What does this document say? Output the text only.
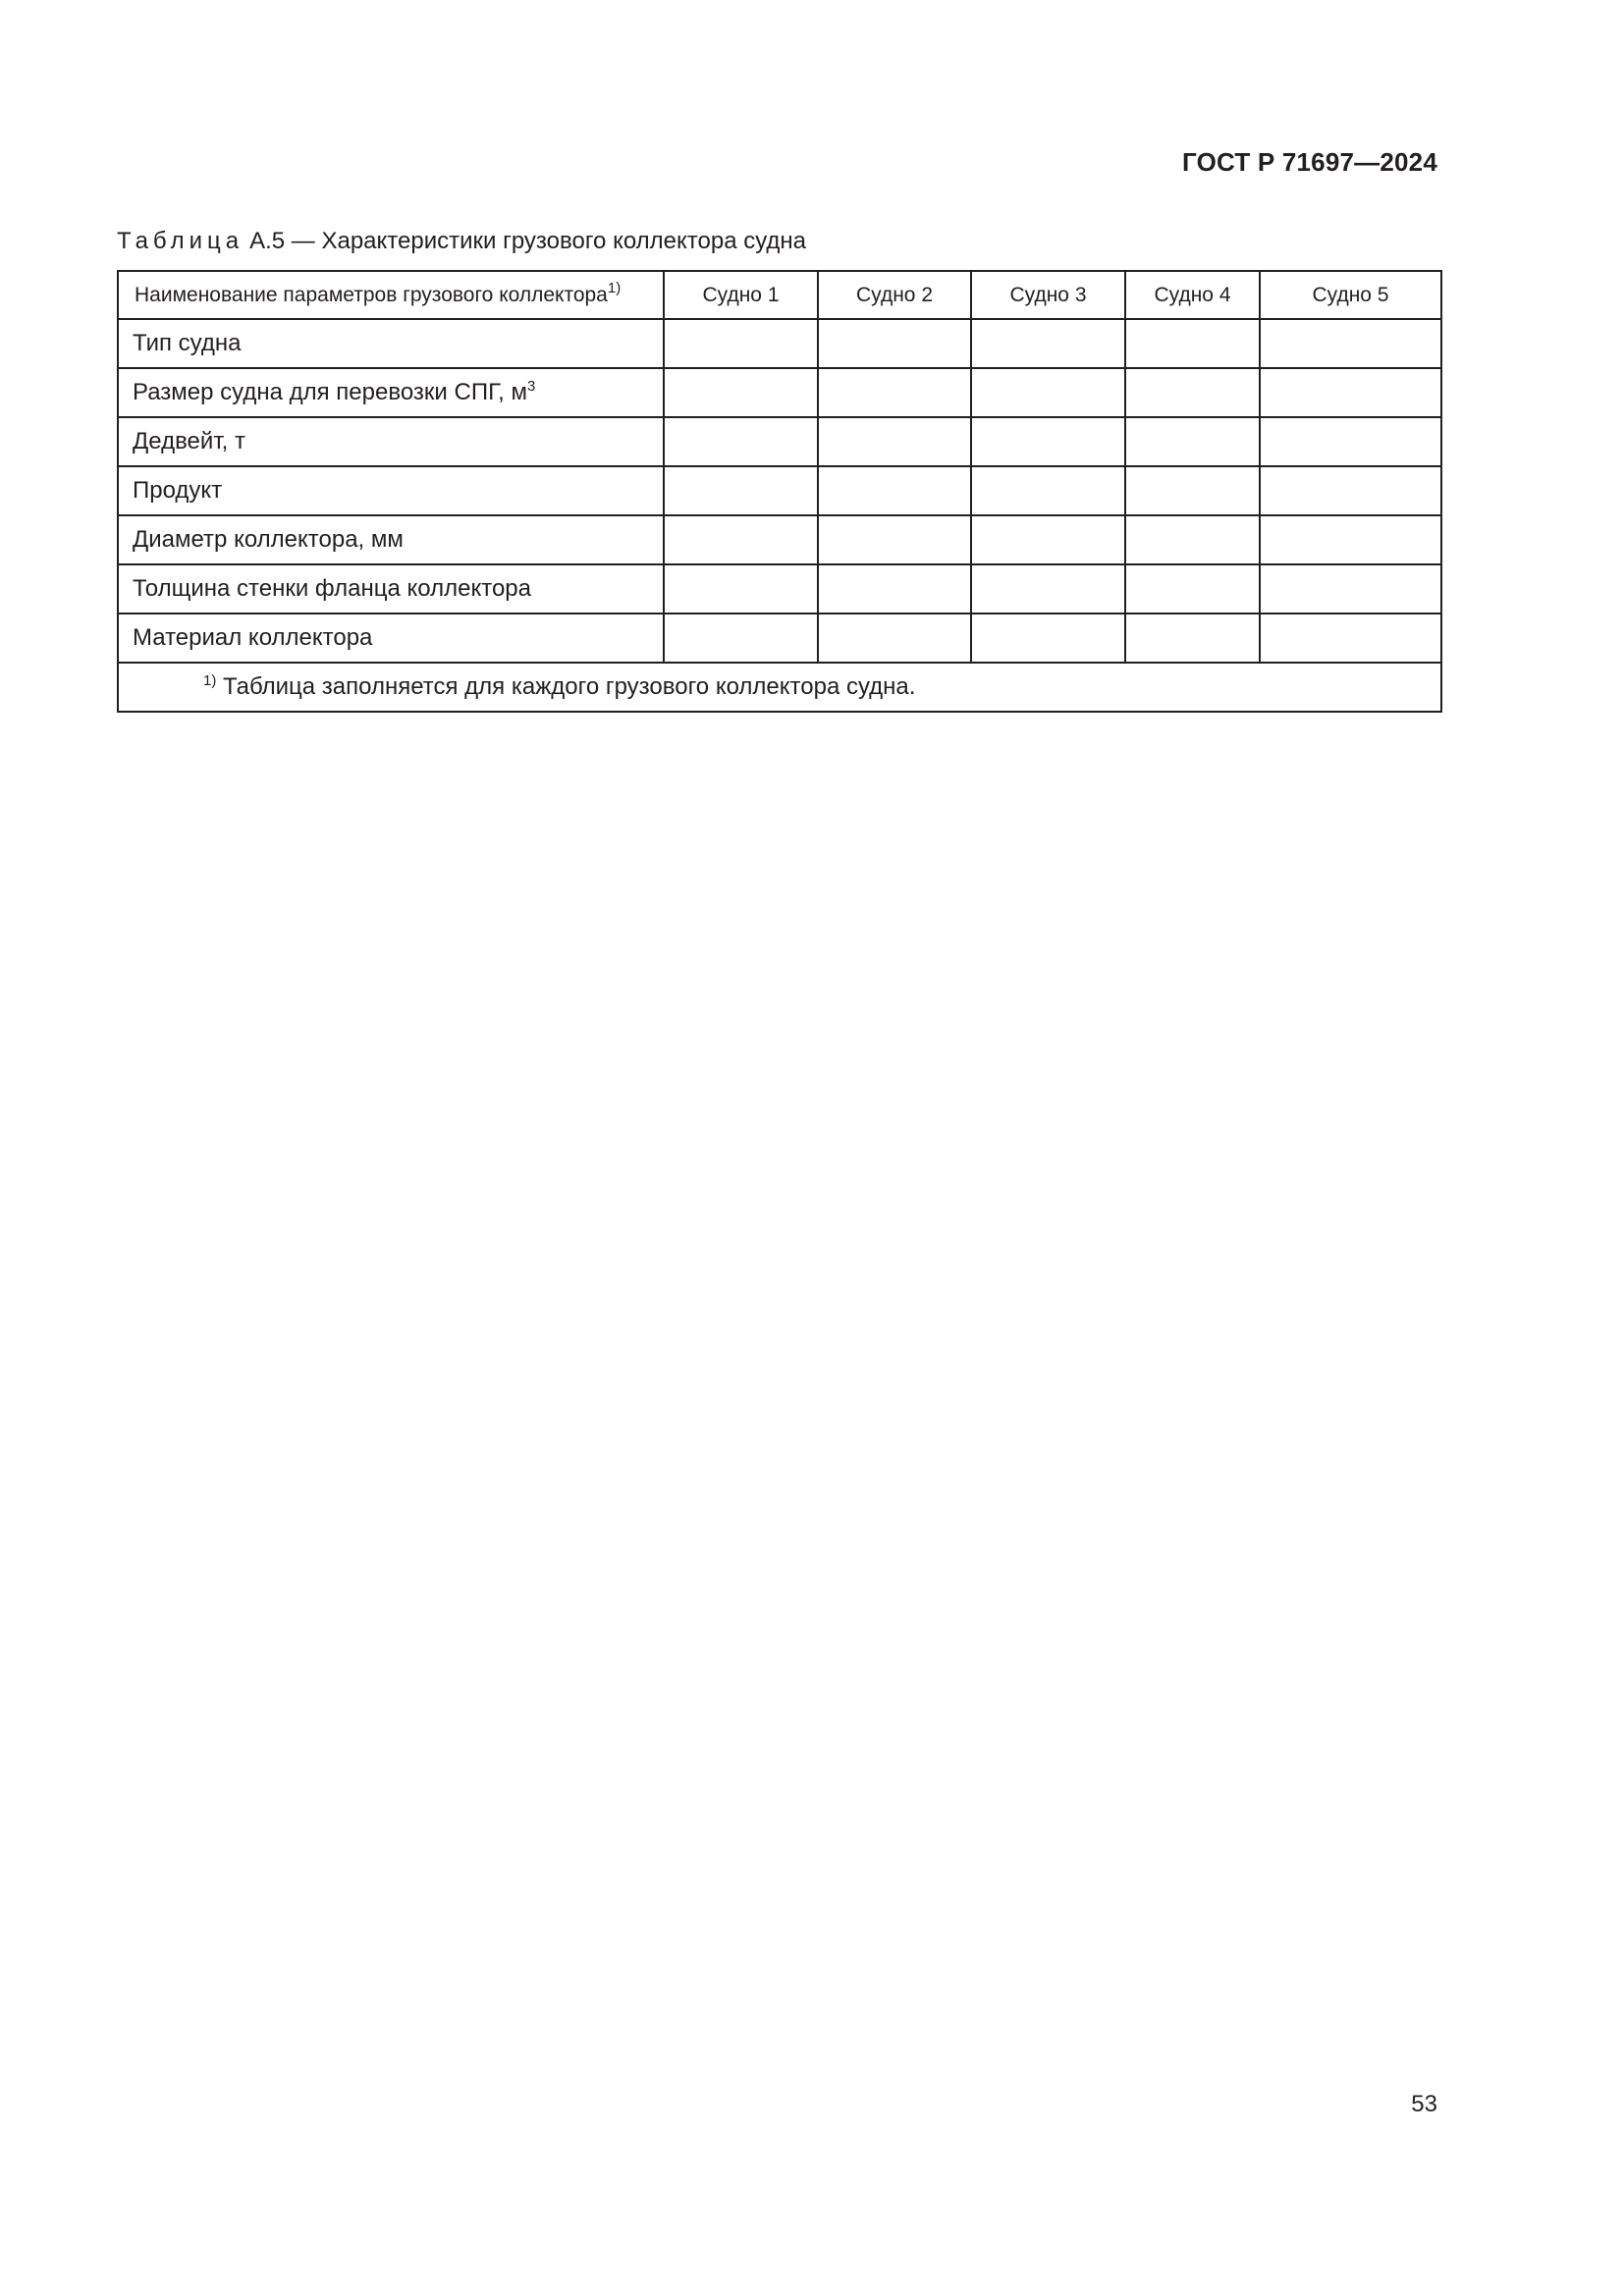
ГОСТ Р 71697—2024
Таблица А.5 — Характеристики грузового коллектора судна
Наименование параметров грузового коллектора$^{1)}$	Судно 1	Судно 2	Судно 3	Судно 4	Судно 5
Тип судна					
Размер судна для перевозки СПГ, $м^3$					
Дедвейт, т					
Продукт					
Диаметр коллектора, мм					
Толщина стенки фланца коллектора					
Материал коллектора					
$^{1)}$ Таблица заполняется для каждого грузового коллектора судна.					
53
